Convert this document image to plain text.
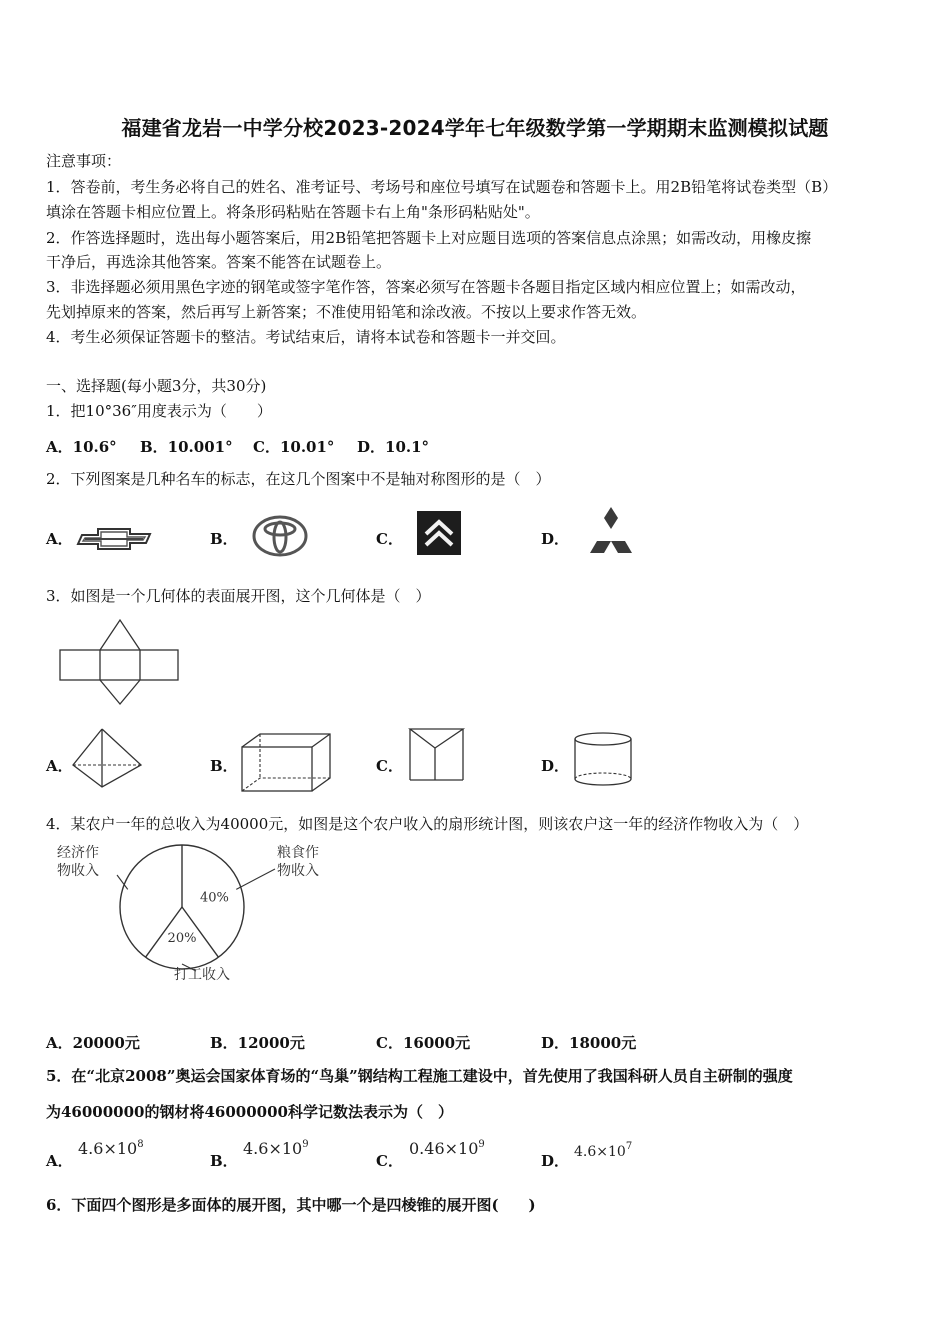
福建省龙岩一中学分校2023-2024学年七年级数学第一学期期末监测模拟试题
注意事项：
1．答卷前，考生务必将自己的姓名、准考证号、考场号和座位号填写在试题卷和答题卡上。用2B铅笔将试卷类型（B）
填涂在答题卡相应位置上。将条形码粘贴在答题卡右上角"条形码粘贴处"。
2．作答选择题时，选出每小题答案后，用2B铅笔把答题卡上对应题目选项的答案信息点涂黑；如需改动，用橡皮擦
干净后，再选涂其他答案。答案不能答在试题卷上。
3．非选择题必须用黑色字迹的钢笔或签字笔作答，答案必须写在答题卡各题目指定区域内相应位置上；如需改动，
先划掉原来的答案，然后再写上新答案；不准使用铅笔和涂改液。不按以上要求作答无效。
4．考生必须保证答题卡的整洁。考试结束后，请将本试卷和答题卡一并交回。
一、选择题(每小题3分，共30分)
1．把10°36″用度表示为（　　）
A．10.6° B．10.001° C．10.01° D．10.1°
2．下列图案是几种名车的标志，在这几个图案中不是轴对称图形的是（　）
A．	B．	C．	D．
3．如图是一个几何体的表面展开图，这个几何体是（　）
A．	B．	C．	D．
4．某农户一年的总收入为40000元，如图是这个农户收入的扇形统计图，则该农户这一年的经济作物收入为（　）
40%
20%
粮食作
物收入
打工收入
经济作
物收入
A．20000元	B．12000元	C．16000元	D．18000元
5．在“北京2008”奥运会国家体育场的“鸟巢”钢结构工程施工建设中，首先使用了我国科研人员自主研制的强度
为46000000的钢材将46000000科学记数法表示为（　）
A．
$4.6\times 10^8$
B．
$4.6\times 10^9$
C．
$0.46\times 10^9$
D． $4.6\times 10^7$
6．下面四个图形是多面体的展开图，其中哪一个是四棱锥的展开图(　　)
